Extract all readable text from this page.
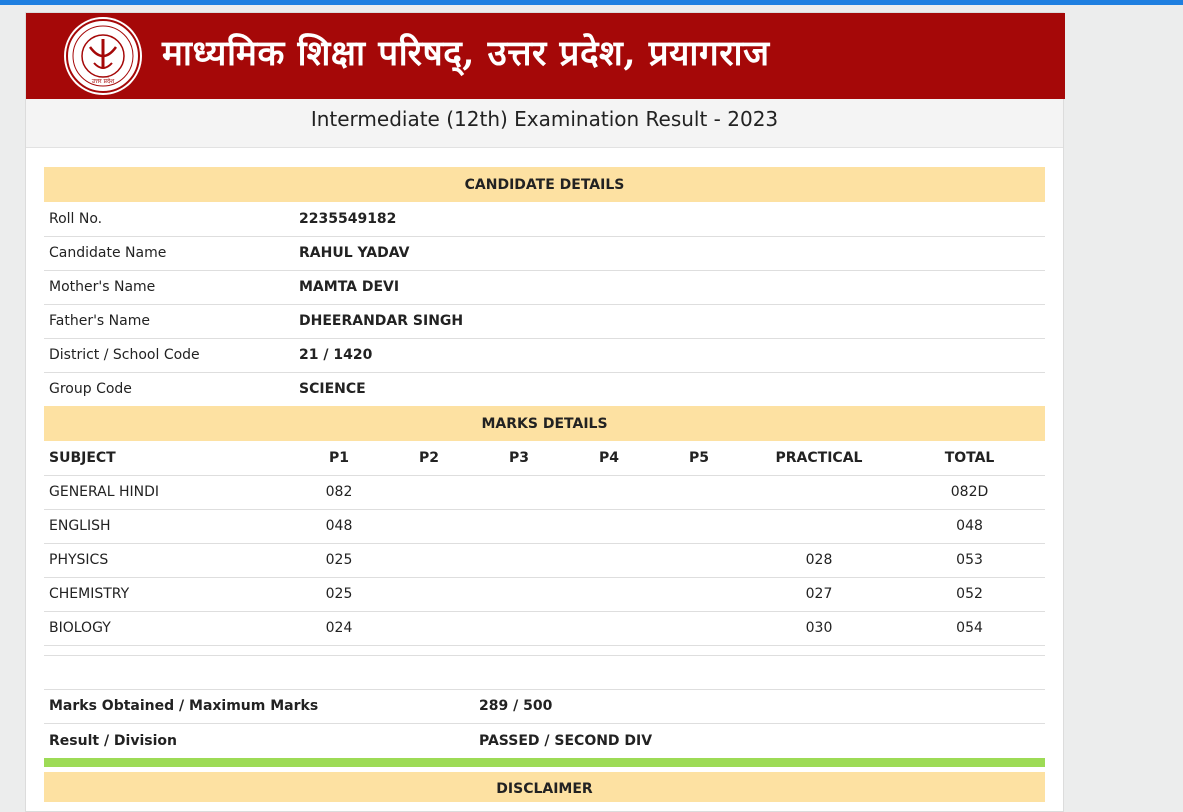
उत्तर प्रदेश
माध्यमिक शिक्षा परिषद्, उत्तर प्रदेश, प्रयागराज
Intermediate (12th) Examination Result - 2023
CANDIDATE DETAILS	
Roll No.	2235549182
Candidate Name	RAHUL YADAV
Mother's Name	MAMTA DEVI
Father's Name	DHEERANDAR SINGH
District / School Code	21 / 1420
Group Code	SCIENCE
MARKS DETAILS							
SUBJECT	P1	P2	P3	P4	P5	PRACTICAL	TOTAL
GENERAL HINDI	082						082D
ENGLISH	048						048
PHYSICS	025					028	053
CHEMISTRY	025					027	052
BIOLOGY	024					030	054

Marks Obtained / Maximum Marks	289 / 500
Result / Division	PASSED / SECOND DIV
DISCLAIMER
